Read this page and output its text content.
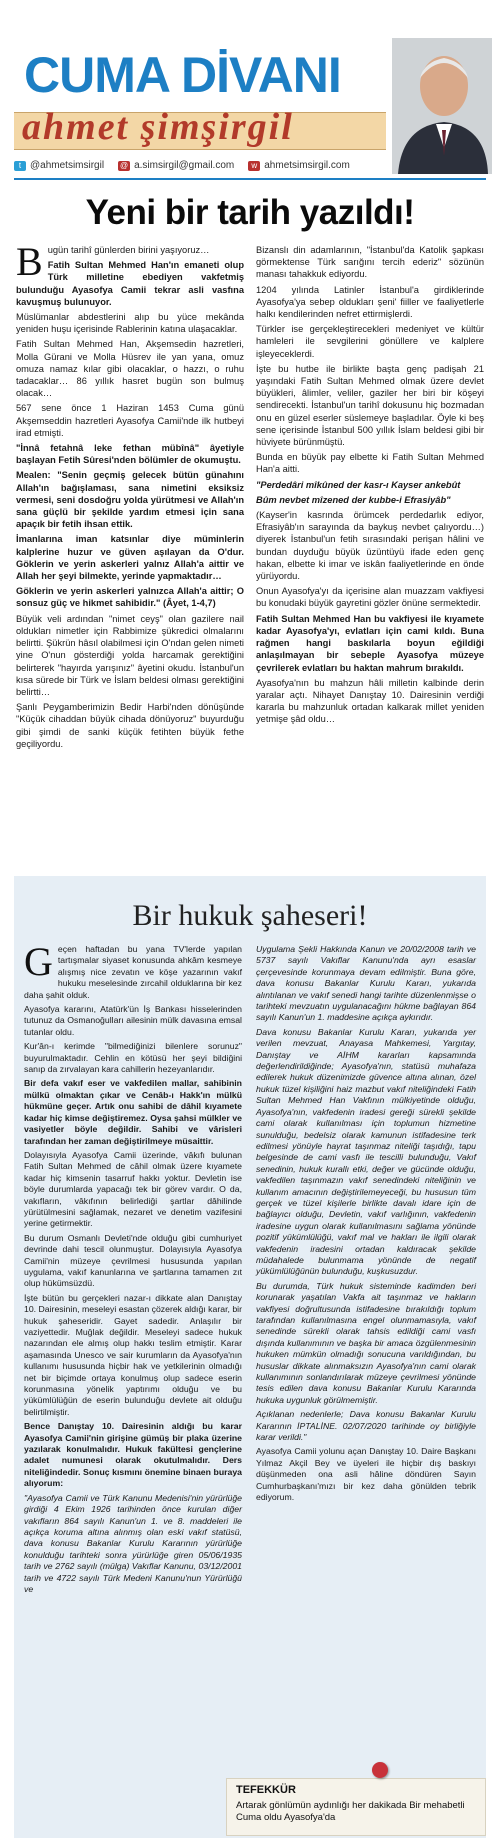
CUMA DİVANI
ahmet şimşirgil
t @ahmetsimsirgil @ a.simsirgil@gmail.com	w ahmetsimsirgil.com
Yeni bir tarih yazıldı!

Bugün tarihî günlerden birini yaşıyoruz…

Fatih Sultan Mehmed Han'ın emaneti olup Türk milletine ebediyen vakfetmiş bulunduğu Ayasofya Camii tekrar asli vasfına kavuşmuş bulunuyor.

Müslümanlar abdestlerini alıp bu yüce mekânda yeniden huşu içerisinde Rablerinin katına ulaşacaklar.

Fatih Sultan Mehmed Han, Akşemsedin hazretleri, Molla Gürani ve Molla Hüsrev ile yan yana, omuz omuza namaz kılar gibi olacaklar, o hazzı, o ruhu tadacaklar… 86 yıllık hasret bugün son bulmuş olacak…

567 sene önce 1 Haziran 1453 Cuma günü Akşemseddin hazretleri Ayasofya Camii'nde ilk hutbeyi irad etmişti.

"İnnâ fetahnâ leke fethan mübînâ" âyetiyle başlayan Fetih Sûresi'nden bölümler de okumuştu.

Mealen: "Senin geçmiş gelecek bütün günahını Allah'ın bağışlaması, sana nimetini eksiksiz vermesi, seni dosdoğru yolda yürütmesi ve Allah'ın sana güçlü bir şekilde yardım etmesi için sana apaçık bir fetih ihsan ettik.

İmanlarına iman katsınlar diye müminlerin kalplerine huzur ve güven aşılayan da O'dur. Göklerin ve yerin askerleri yalnız Allah'a aittir ve Allah her şeyi bilmekte, yerinde yapmaktadır…

Göklerin ve yerin askerleri yalnızca Allah'a aittir; O sonsuz güç ve hikmet sahibidir." (Âyet, 1-4,7)

Büyük veli ardından "nimet ceyş" olan gazilere nail oldukları nimetler için Rabbimize şükredici olmalarını belirtti. Şükrün hâsıl olabilmesi için O'ndan gelen nimeti yine O'nun gösterdiği yolda harcamak gerektiğini belirterek "hayırda yarışınız" âyetini okudu. İstanbul'un kısa sürede bir Türk ve İslam beldesi olması gerektiğini belirtti…

Şanlı Peygamberimizin Bedir Harbi'nden dönüşünde "Küçük cihaddan büyük cihada dönüyoruz" buyurduğu gibi şimdi de sanki küçük fetihten büyük fethe geçiliyordu.

Bizanslı din adamlarının, "İstanbul'da Katolik şapkası görmektense Türk sarığını tercih ederiz" sözünün manası tahakkuk ediyordu.

1204 yılında Latinler İstanbul'a girdiklerinde Ayasofya'ya sebep oldukları şeni' fiiller ve faaliyetlerle halkı kendilerinden nefret ettirmişlerdi.

Türkler ise gerçekleştirecekleri medeniyet ve kültür hamleleri ile sevgilerini gönüllere ve kalplere işleyeceklerdi.

İşte bu hutbe ile birlikte başta genç padişah 21 yaşındaki Fatih Sultan Mehmed olmak üzere devlet büyükleri, âlimler, veliler, gaziler her biri bir köşeyi sendirecekti. İstanbul'un tarihî dokusunu hiç bozmadan onu en güzel eserler süslemeye başladılar. Öyle ki beş sene içerisinde İstanbul 500 yıllık İslam beldesi gibi bir hüviyete bürünmüştü.

Bunda en büyük pay elbette ki Fatih Sultan Mehmed Han'a aitti.

"Perdedâri mîkûned der kasr-ı Kayser ankebût

Bûm nevbet mîzened der kubbe-i Efrasiyâb"

(Kayser'in kasrında örümcek perdedarlık ediyor, Efrasiyâb'ın sarayında da baykuş nevbet çalıyordu…) diyerek İstanbul'un fetih sırasındaki perişan hâlini ve bundan duyduğu büyük üzüntüyü ifade eden genç hakan, elbette ki imar ve iskân faaliyetlerinde en önde yürüyordu.

Onun Ayasofya'yı da içerisine alan muazzam vakfiyesi bu konudaki büyük gayretini gözler önüne sermektedir.

Fatih Sultan Mehmed Han bu vakfiyesi ile kıyamete kadar Ayasofya'yı, evlatları için cami kıldı. Buna rağmen hangi baskılarla boyun eğildiği anlaşılmayan bir sebeple Ayasofya müzeye çevrilerek evlatları bu haktan mahrum bırakıldı.

Ayasofya'nın bu mahzun hâli milletin kalbinde derin yaralar açtı. Nihayet Danıştay 10. Dairesinin verdiği kararla bu mahzunluk ortadan kalkarak millet yeniden yetmişe şâd oldu…

Bir hukuk şaheseri!

Geçen haftadan bu yana TV'lerde yapılan tartışmalar siyaset konusunda ahkâm kesmeye alışmış nice zevatın ve köşe yazarının vakıf hukuku meselesinde zırcahil olduklarına bir kez daha şahit olduk.

Ayasofya kararını, Atatürk'ün İş Bankası hisselerinden tutunuz da Osmanoğulları ailesinin mülk davasına emsal tutanlar oldu.

Kur'ân-ı kerimde "bilmediğinizi bilenlere sorunuz" buyurulmaktadır. Cehlin en kötüsü her şeyi bildiğini sanıp da zırvalayan kara cahillerin hezeyanlarıdır.

Bir defa vakıf eser ve vakfedilen mallar, sahibinin mülkü olmaktan çıkar ve Cenâb-ı Hakk'ın mülkü hükmüne geçer. Artık onu sahibi de dâhil kıyamete kadar hiç kimse değiştiremez. Oysa şahsi mülkler ve vasiyetler böyle değildir. Sahibi ve vârisleri tarafından her zaman değiştirilmeye müsaittir.

Dolayısıyla Ayasofya Camii üzerinde, vâkıfı bulunan Fatih Sultan Mehmed de câhil olmak üzere kıyamete kadar hiç kimsenin tasarruf hakkı yoktur. Devletin ise böyle durumlarda yapacağı tek bir görev vardır. O da, vakıfların, vâkıfının belirlediği şartlar dâhilinde yürütülmesini sağlamak, nezaret ve denetim vazifesini yerine getirmektir.

Bu durum Osmanlı Devleti'nde olduğu gibi cumhuriyet devrinde dahi tescil olunmuştur. Dolayısıyla Ayasofya Camii'nin müzeye çevrilmesi hususunda yapılan uygulama, vakıf kanunlarına ve şartlarına tamamen zıt olup hükümsüzdü.

İşte bütün bu gerçekleri nazar-ı dikkate alan Danıştay 10. Dairesinin, meseleyi esastan çözerek aldığı karar, bir hukuk şaheseridir. Gayet sadedir. Anlaşılır bir vaziyettedir. Muğlak değildir. Meseleyi sadece hukuk nazarından ele almış olup hakkı teslim etmiştir. Karar aşamasında Unesco ve sair kurumların da Ayasofya'nın kullanımı hususunda hiçbir hak ve yetkilerinin olmadığı net bir biçimde ortaya konulmuş olup sadece eserin korunmasına yönelik yaptırımı olduğu ve bu yükümlülüğün de eserin bulunduğu devlete ait olduğu belirtilmiştir.

Bence Danıştay 10. Dairesinin aldığı bu karar Ayasofya Camii'nin girişine gümüş bir plaka üzerine yazılarak konulmalıdır. Hukuk fakültesi gençlerine adalet numunesi olarak okutulmalıdır. Ders niteliğindedir. Sonuç kısmını önemine binaen buraya alıyorum:

"Ayasofya Camii ve Türk Kanunu Medenisi'nin yürürlüğe girdiği 4 Ekim 1926 tarihinden önce kurulan diğer vakıfların 864 sayılı Kanun'un 1. ve 8. maddeleri ile açıkça koruma altına alınmış olan eski vakıf statüsü, dava konusu Bakanlar Kurulu Kararının yürürlüğe konulduğu tarihteki sonra yürürlüğe giren 05/06/1935 tarih ve 2762 sayılı (mülga) Vakıflar Kanunu, 03/12/2001 tarih ve 4722 sayılı Türk Medeni Kanunu'nun Yürürlüğü ve

Uygulama Şekli Hakkında Kanun ve 20/02/2008 tarih ve 5737 sayılı Vakıflar Kanunu'nda ayrı esaslar çerçevesinde korunmaya devam edilmiştir. Buna göre, dava konusu Bakanlar Kurulu Kararı, yukarıda alıntılanan ve vakıf senedi hangi tarihte düzenlenmişse o tarihteki mevzuatın uygulanacağını hükme bağlayan 864 sayılı Kanun'un 1. maddesine açıkça aykırıdır.

Dava konusu Bakanlar Kurulu Kararı, yukarıda yer verilen mevzuat, Anayasa Mahkemesi, Yargıtay, Danıştay ve AİHM kararları kapsamında değerlendirildiğinde; Ayasofya'nın, statüsü muhafaza edilerek hukuk düzenimizde güvence altına alınan, özel hukuk tüzel kişiliğini haiz mazbut vakıf niteliğindeki Fatih Sultan Mehmed Han Vakfının mülkiyetinde olduğu, Ayasofya'nın, vakfedenin iradesi gereği sürekli şekilde cami olarak kullanılması için toplumun hizmetine sunulduğu, bedelsiz olarak kamunun istifadesine terk edilmesi yönüyle hayrat taşınmaz niteliği taşıdığı, tapu belgesinde de cami vasfı ile tescilli bulunduğu, Vakıf senedinin, hukuk kurallı etki, değer ve gücünde olduğu, vakfedilen taşınmazın vakıf senedindeki niteliğinin ve kullanım amacının değiştirilemeyeceği, bu hususun tüm gerçek ve tüzel kişilerle birlikte davalı idare için de bağlayıcı olduğu, Devletin, vakıf varlığının, vakfedenin iradesine uygun olarak kullanılmasını sağlama yönünde pozitif yükümlülüğü, vakıf mal ve hakları ile ilgili olarak vakfedenin iradesini ortadan kaldıracak şekilde müdahalede bulunmama yönünde de negatif yükümlülüğünün bulunduğu, kuşkusuzdur.

Bu durumda, Türk hukuk sisteminde kadimden beri korunarak yaşatılan Vakfa ait taşınmaz ve hakların vakfiyesi doğrultusunda istifadesine bırakıldığı toplum tarafından kullanılmasına engel olunmamasıyla, vakıf senedinde sürekli olarak tahsis edildiği cami vasfı dışında kullanımının ve başka bir amaca özgülenmesinin hukuken mümkün olmadığı sonucuna varıldığından, bu hususlar dikkate alınmaksızın Ayasofya'nın cami olarak kullanımının sonlandırılarak müzeye çevrilmesi yönünde tesis edilen dava konusu Bakanlar Kurulu Kararında hukuka uygunluk görülmemiştir.

Açıklanan nedenlerle; Dava konusu Bakanlar Kurulu Kararının İPTALİNE. 02/07/2020 tarihinde oy birliğiyle karar verildi."

Ayasofya Camii yolunu açan Danıştay 10. Daire Başkanı Yılmaz Akçil Bey ve üyeleri ile hiçbir dış baskıyı düşünmeden ona asli hâline döndüren Sayın Cumhurbaşkanı'mızı bir kez daha gönülden tebrik ediyorum.

TEFEKKÜR
Artarak gönlümün aydınlığı her dakikada Bir mehabetli Cuma oldu Ayasofya'da
